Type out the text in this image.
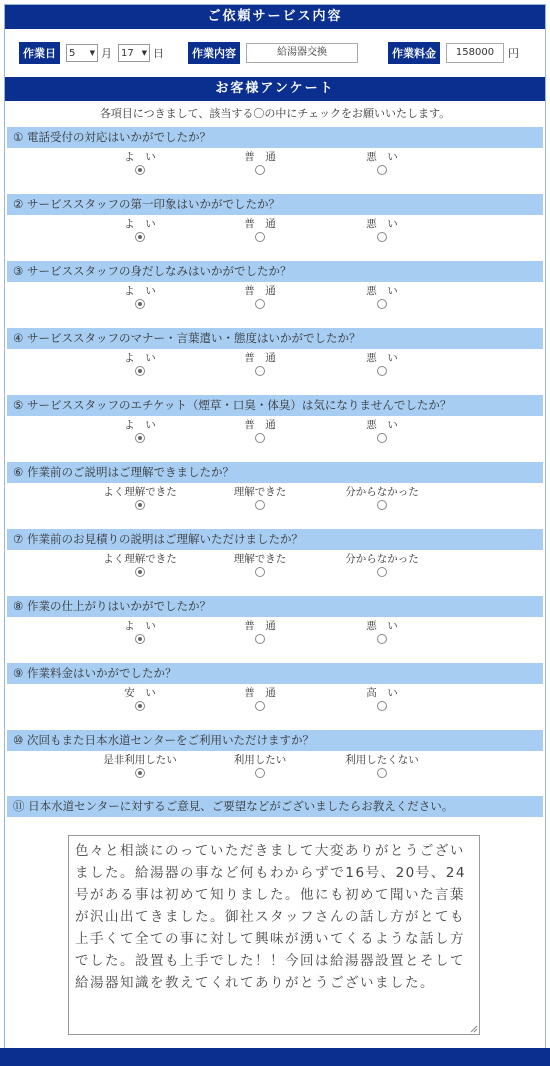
ご依頼サービス内容
作業日	5 ▼ 月 17 ▼ 日	作業内容	給湯器交換	作業料金	158000	円
お客様アンケート
各項目につきまして、該当する〇の中にチェックをお願いいたします。
① 電話受付の対応はいかがでしたか？
よ　い	普　通	悪　い
② サービススタッフの第一印象はいかがでしたか？
よ　い	普　通	悪　い
③ サービススタッフの身だしなみはいかがでしたか？
よ　い	普　通	悪　い
④ サービススタッフのマナー・言葉遣い・態度はいかがでしたか？
よ　い	普　通	悪　い
⑤ サービススタッフのエチケット（煙草・口臭・体臭）は気になりませんでしたか？
よ　い	普　通	悪　い
⑥ 作業前のご説明はご理解できましたか？
よく理解できた	理解できた	分からなかった
⑦ 作業前のお見積りの説明はご理解いただけましたか？
よく理解できた	理解できた	分からなかった
⑧ 作業の仕上がりはいかがでしたか？
よ　い	普　通	悪　い
⑨ 作業料金はいかがでしたか？
安　い	普　通	高　い
⑩ 次回もまた日本水道センターをご利用いただけますか？
是非利用したい	利用したい	利用したくない
⑪ 日本水道センターに対するご意見、ご要望などがございましたらお教えください。
色々と相談にのっていただきまして大変ありがとうございました。給湯器の事など何もわからずで16号、20号、24号がある事は初めて知りました。他にも初めて聞いた言葉が沢山出てきました。御社スタッフさんの話し方がとても上手くて全ての事に対して興味が湧いてくるような話し方でした。設置も上手でした！！今回は給湯器設置とそして給湯器知識を教えてくれてありがとうございました。
